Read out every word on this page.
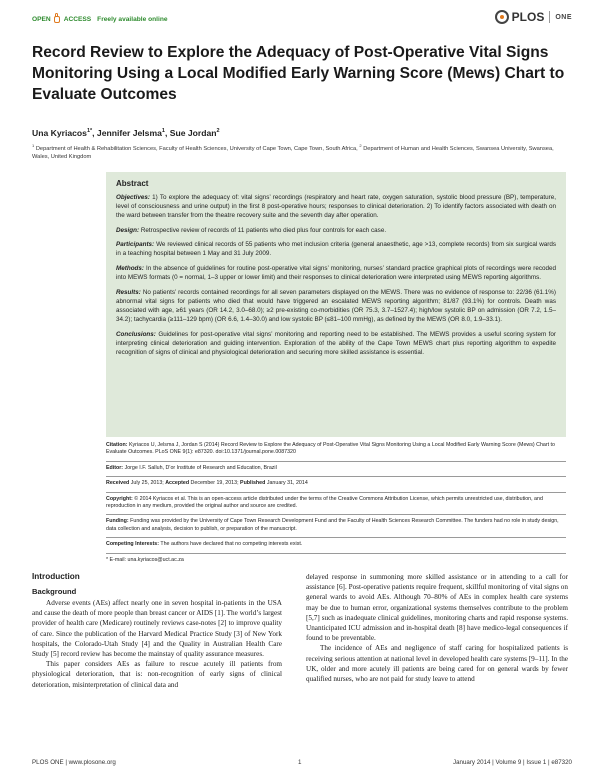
OPEN ACCESS Freely available online	PLOS ONE
Record Review to Explore the Adequacy of Post-Operative Vital Signs Monitoring Using a Local Modified Early Warning Score (Mews) Chart to Evaluate Outcomes
Una Kyriacos$^{1*}$, Jennifer Jelsma$^1$, Sue Jordan$^2$
$^1$ Department of Health & Rehabilitation Sciences, Faculty of Health Sciences, University of Cape Town, Cape Town, South Africa, $^2$ Department of Human and Health Sciences, Swansea University, Swansea, Wales, United Kingdom
Abstract

Objectives: 1) To explore the adequacy of: vital signs’ recordings (respiratory and heart rate, oxygen saturation, systolic blood pressure (BP), temperature, level of consciousness and urine output) in the first 8 post-operative hours; responses to clinical deterioration. 2) To identify factors associated with death on the ward between transfer from the theatre recovery suite and the seventh day after operation.

Design: Retrospective review of records of 11 patients who died plus four controls for each case.

Participants: We reviewed clinical records of 55 patients who met inclusion criteria (general anaesthetic, age >13, complete records) from six surgical wards in a teaching hospital between 1 May and 31 July 2009.

Methods: In the absence of guidelines for routine post-operative vital signs’ monitoring, nurses’ standard practice graphical plots of recordings were recoded into MEWS formats (0 = normal, 1–3 upper or lower limit) and their responses to clinical deterioration were interpreted using MEWS reporting algorithms.

Results: No patients’ records contained recordings for all seven parameters displayed on the MEWS. There was no evidence of response to: 22/36 (61.1%) abnormal vital signs for patients who died that would have triggered an escalated MEWS reporting algorithm; 81/87 (93.1%) for controls. Death was associated with age, ≥61 years (OR 14.2, 3.0–68.0); ≥2 pre-existing co-morbidities (OR 75.3, 3.7–1527.4); high/low systolic BP on admission (OR 7.2, 1.5–34.2); tachycardia (≥111–129 bpm) (OR 6.6, 1.4–30.0) and low systolic BP (≤81–100 mmHg), as defined by the MEWS (OR 8.0, 1.9–33.1).

Conclusions: Guidelines for post-operative vital signs’ monitoring and reporting need to be established. The MEWS provides a useful scoring system for interpreting clinical deterioration and guiding intervention. Exploration of the ability of the Cape Town MEWS chart plus reporting algorithm to expedite recognition of signs of clinical and physiological deterioration and securing more skilled assistance is essential.

Citation: Kyriacos U, Jelsma J, Jordan S (2014) Record Review to Explore the Adequacy of Post-Operative Vital Signs Monitoring Using a Local Modified Early Warning Score (Mews) Chart to Evaluate Outcomes. PLoS ONE 9(1): e87320. doi:10.1371/journal.pone.0087320

Editor: Jorge I.F. Salluh, D’or Institute of Research and Education, Brazil

Received July 25, 2013; Accepted December 19, 2013; Published January 31, 2014

Copyright: © 2014 Kyriacos et al. This is an open-access article distributed under the terms of the Creative Commons Attribution License, which permits unrestricted use, distribution, and reproduction in any medium, provided the original author and source are credited.

Funding: Funding was provided by the University of Cape Town Research Development Fund and the Faculty of Health Sciences Research Committee. The funders had no role in study design, data collection and analysis, decision to publish, or preparation of the manuscript.

Competing Interests: The authors have declared that no competing interests exist.

* E-mail: una.kyriacos@uct.ac.za

Introduction
Background

Adverse events (AEs) affect nearly one in seven hospital in-patients in the USA and cause the death of more people than breast cancer or AIDS [1]. The world’s largest provider of health care (Medicare) routinely reviews case-notes [2] to improve quality of care. Since the publication of the Harvard Medical Practice Study [3] of New York hospitals, the Colorado-Utah Study [4] and the Quality in Australian Health Care Study [5] record review has become the mainstay of quality assurance measures.

This paper considers AEs as failure to rescue acutely ill patients from physiological deterioration, that is: non-recognition of early signs of clinical deterioration, misinterpretation of clinical data and

delayed response in summoning more skilled assistance or in attending to a call for assistance [6]. Post-operative patients require frequent, skillful monitoring of vital signs on general wards to avoid AEs. Although 70–80% of AEs in complex health care systems may be due to human error, organizational systems themselves contribute to the problem [5,7] such as inadequate clinical guidelines, monitoring charts and rapid response systems. Unanticipated ICU admission and in-hospital death [8] have medico-legal consequences if found to be preventable.

The incidence of AEs and negligence of staff caring for hospitalized patients is receiving serious attention at national level in developed health care systems [9–11]. In the UK, older and more acutely ill patients are being cared for on general wards by fewer qualified nurses, who are not paid for study leave to attend

PLOS ONE | www.plosone.org	1	January 2014 | Volume 9 | Issue 1 | e87320
